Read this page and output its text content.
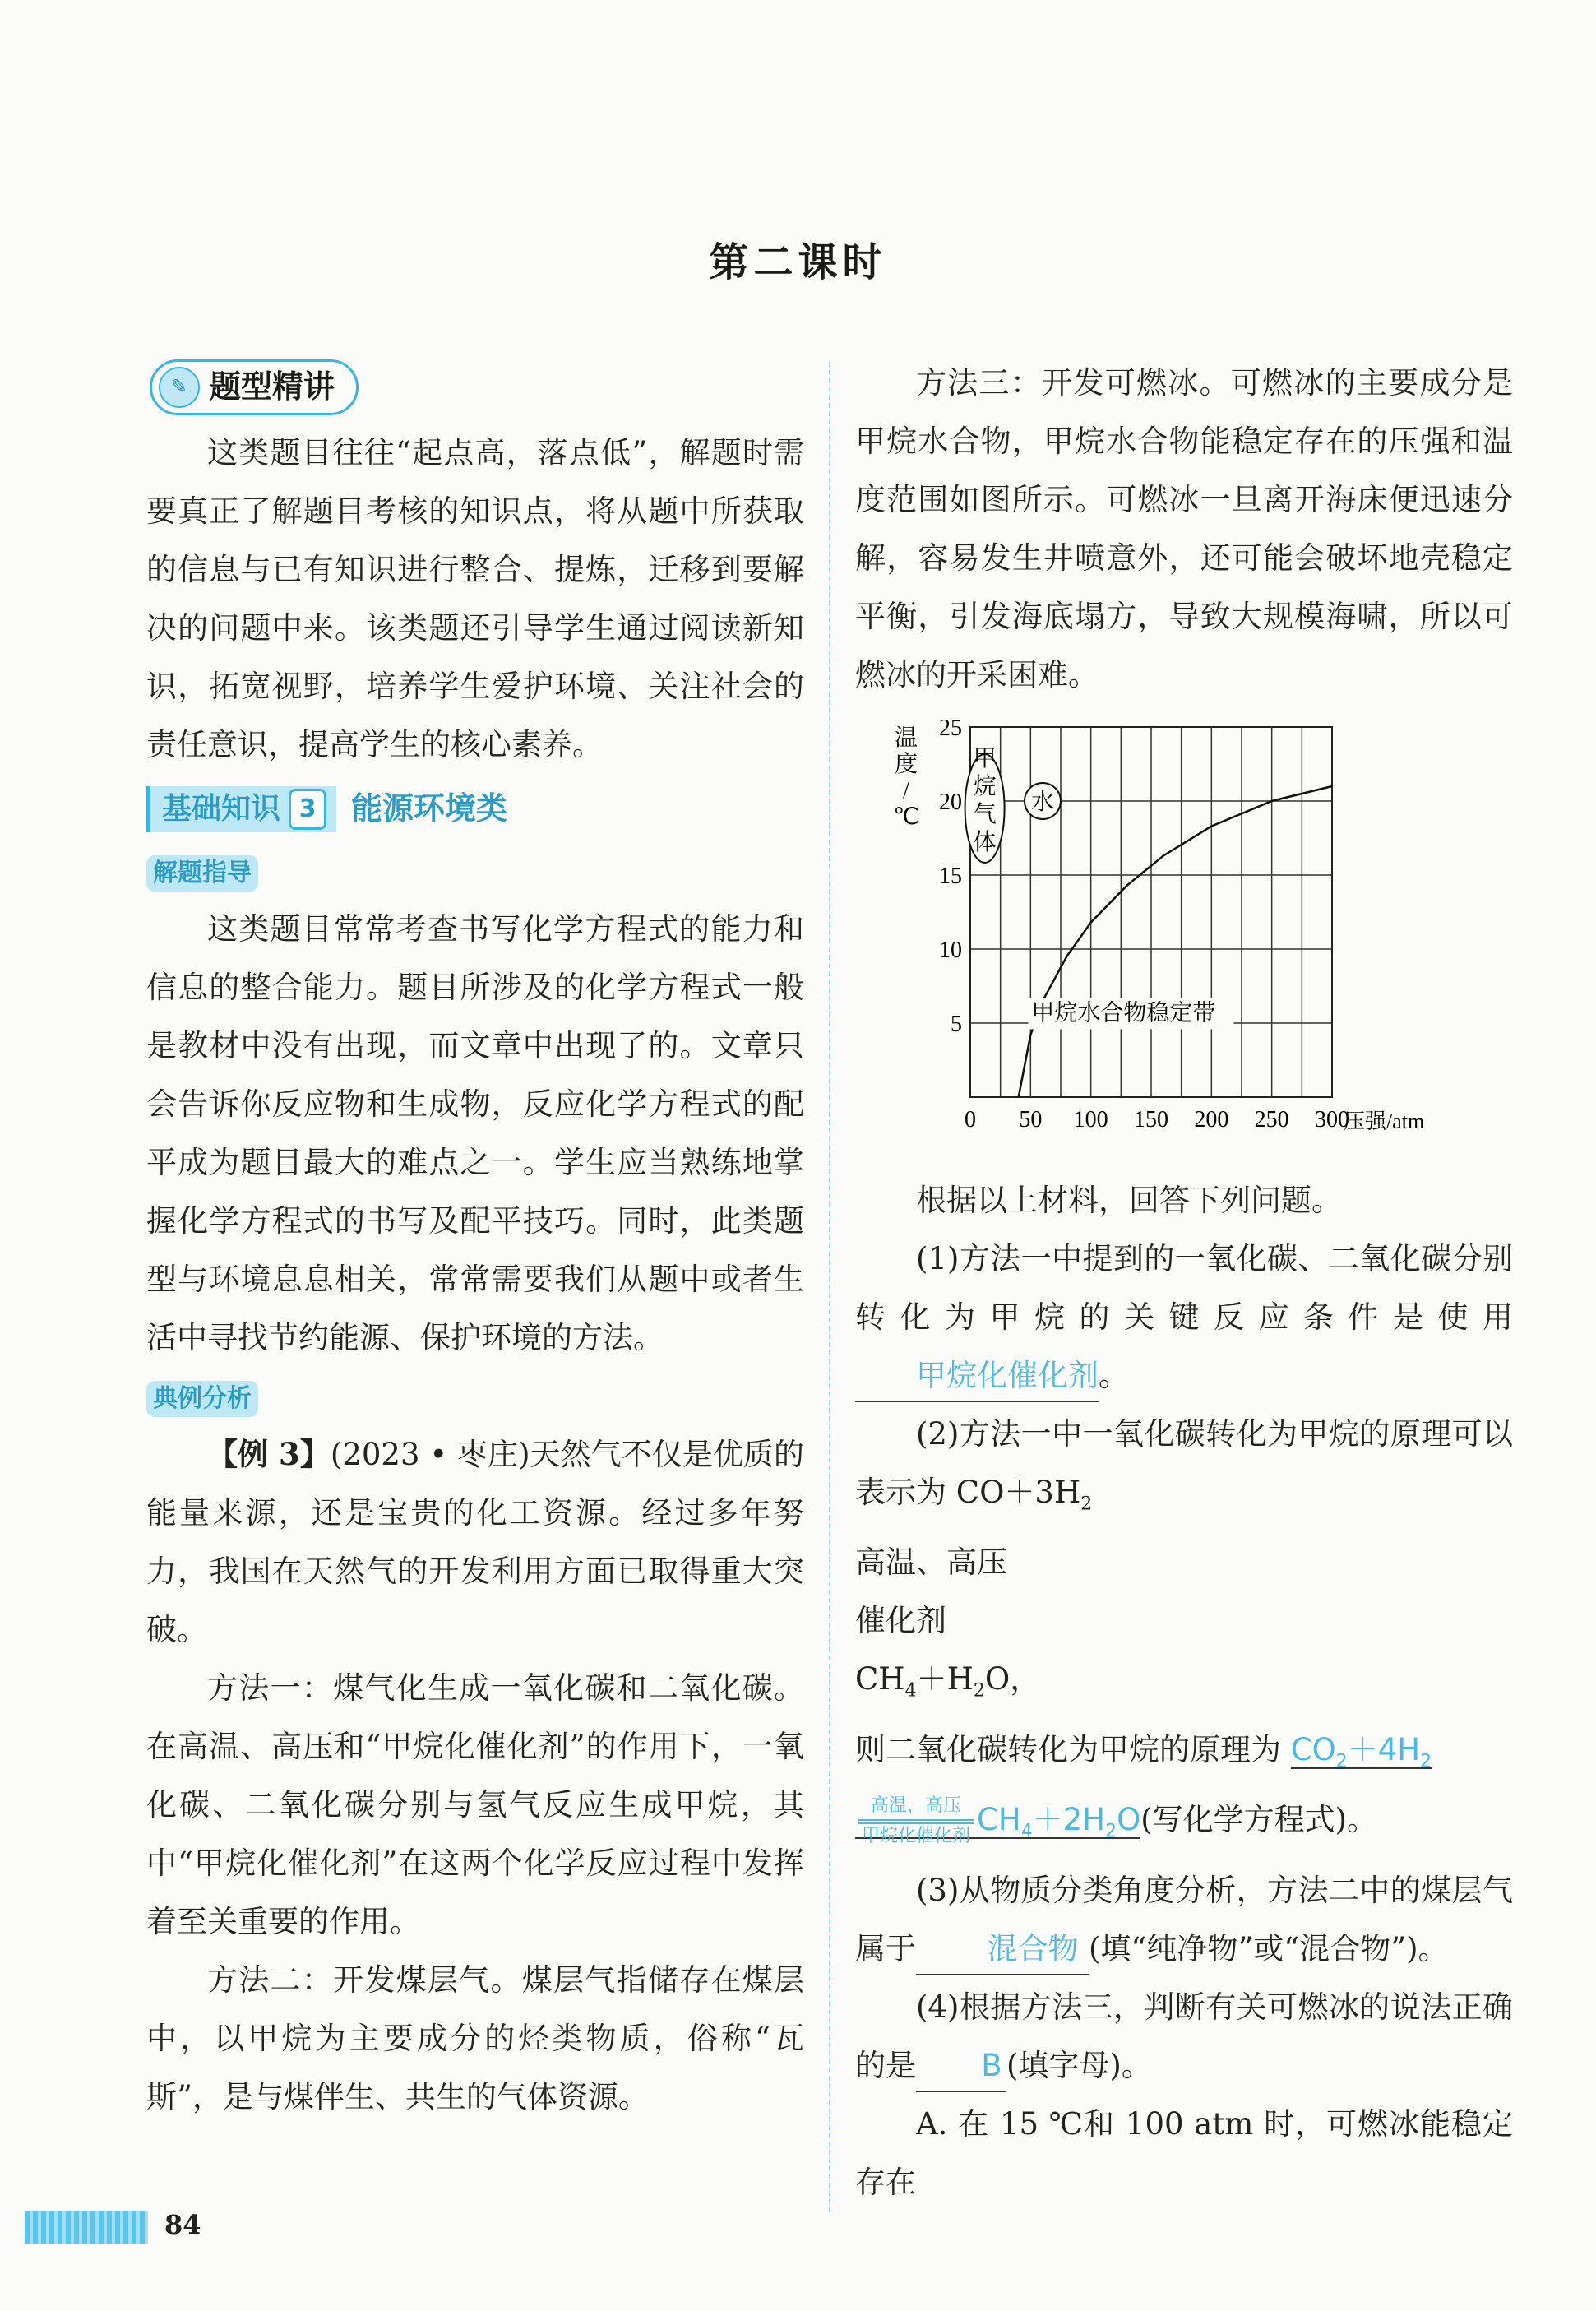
第二课时
✎ 题型精讲

这类题目往往“起点高，落点低”，解题时需要真正了解题目考核的知识点，将从题中所获取的信息与已有知识进行整合、提炼，迁移到要解决的问题中来。该类题还引导学生通过阅读新知识，拓宽视野，培养学生爱护环境、关注社会的责任意识，提高学生的核心素养。

基础知识 3	能源环境类
解题指导

这类题目常常考查书写化学方程式的能力和信息的整合能力。题目所涉及的化学方程式一般是教材中没有出现，而文章中出现了的。文章只会告诉你反应物和生成物，反应化学方程式的配平成为题目最大的难点之一。学生应当熟练地掌握化学方程式的书写及配平技巧。同时，此类题型与环境息息相关，常常需要我们从题中或者生活中寻找节约能源、保护环境的方法。

典例分析

【例 3】(2023 • 枣庄)天然气不仅是优质的能量来源，还是宝贵的化工资源。经过多年努力，我国在天然气的开发利用方面已取得重大突破。

方法一：煤气化生成一氧化碳和二氧化碳。在高温、高压和“甲烷化催化剂”的作用下，一氧化碳、二氧化碳分别与氢气反应生成甲烷，其中“甲烷化催化剂”在这两个化学反应过程中发挥着至关重要的作用。

方法二：开发煤层气。煤层气指储存在煤层中，以甲烷为主要成分的烃类物质，俗称“瓦斯”，是与煤伴生、共生的气体资源。

方法三：开发可燃冰。可燃冰的主要成分是甲烷水合物，甲烷水合物能稳定存在的压强和温度范围如图所示。可燃冰一旦离开海床便迅速分解，容易发生井喷意外，还可能会破坏地壳稳定平衡，引发海底塌方，导致大规模海啸，所以可燃冰的开采困难。

0 50 100 150 200 250 300
5
10
15
20
25
压强/atm
温
度
/
℃
甲
烷
气
体
水
甲烷水合物稳定带

根据以上材料，回答下列问题。

(1)方法一中提到的一氧化碳、二氧化碳分别转化为甲烷的关键反应条件是使用甲烷化催化剂。

(2)方法一中一氧化碳转化为甲烷的原理可以表示为 $CO+3H_2$

高温、高压
催化剂
$CH_4+H_2O$，
则二氧化碳转化为甲烷的原理为 $CO_2+4H_2$
高温，高压
甲烷化催化剂 $CH_4+2H_2O$(写化学方程式)。

(3)从物质分类角度分析，方法二中的煤层气属于 混合物 (填“纯净物”或“混合物”)。

(4)根据方法三，判断有关可燃冰的说法正确的是 B (填字母)。

A. 在 15 ℃和 100 atm 时，可燃冰能稳定存在

84
